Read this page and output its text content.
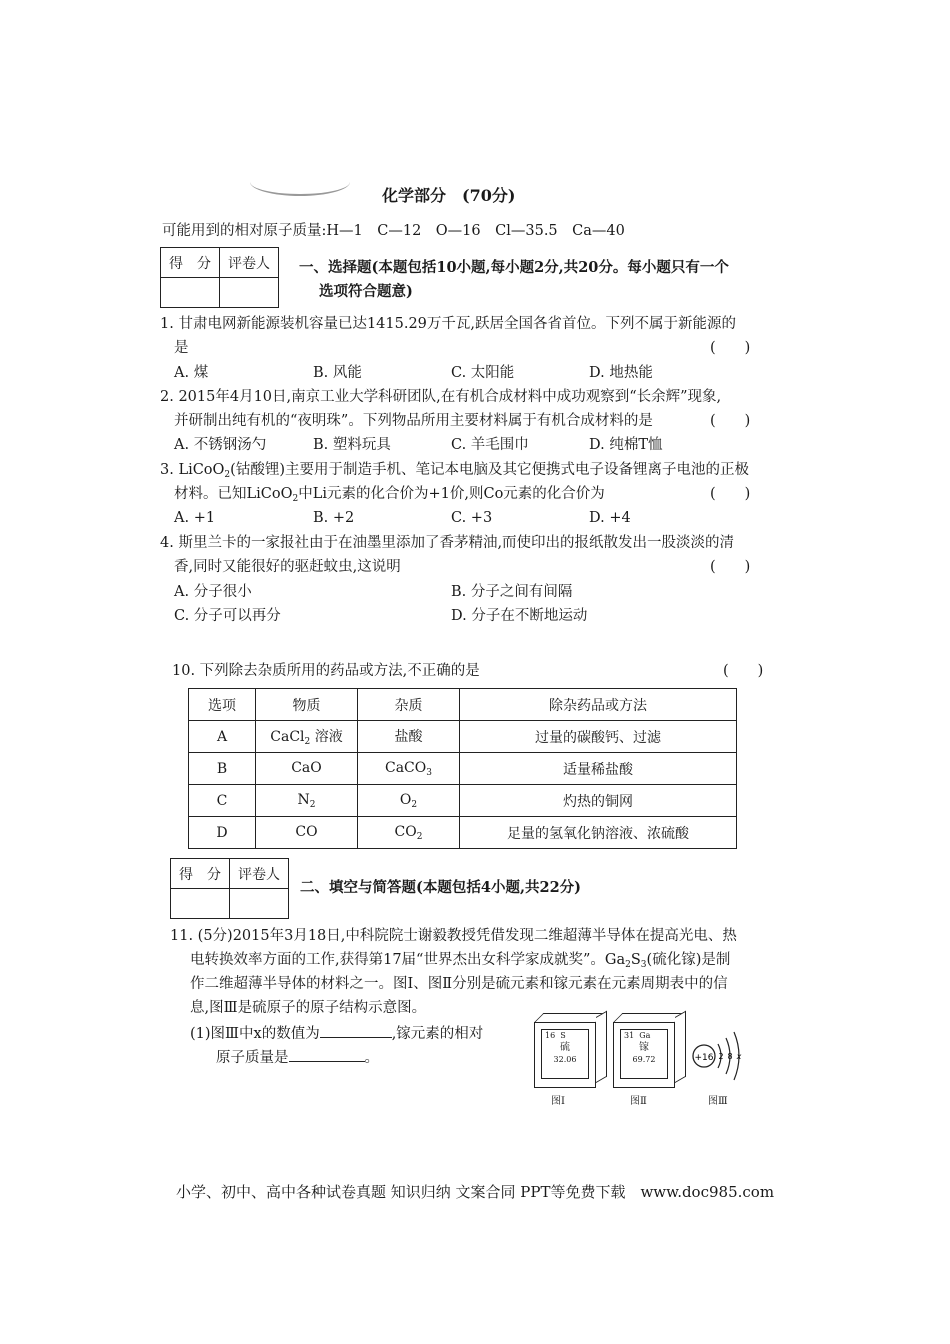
化学部分　(70分)
可能用到的相对原子质量:H—1　C—12　O—16　Cl—35.5　Ca—40
得　分	评卷人
	一、选择题(本题包括10小题,每小题2分,共20分。每小题只有一个
选项符合题意)
1. 甘肃电网新能源装机容量已达1415.29万千瓦,跃居全国各省首位。下列不属于新能源的
是	(　　)
A. 煤	B. 风能	C. 太阳能	D. 地热能
2. 2015年4月10日,南京工业大学科研团队,在有机合成材料中成功观察到“长余辉”现象,
并研制出纯有机的“夜明珠”。下列物品所用主要材料属于有机合成材料的是	(　　)
A. 不锈钢汤勺	B. 塑料玩具	C. 羊毛围巾	D. 纯棉T恤
3. LiCoO$_2$(钴酸锂)主要用于制造手机、笔记本电脑及其它便携式电子设备锂离子电池的正极
材料。已知LiCoO$_2$中Li元素的化合价为+1价,则Co元素的化合价为	(　　)
A. +1	B. +2	C. +3	D. +4
4. 斯里兰卡的一家报社由于在油墨里添加了香茅精油,而使印出的报纸散发出一股淡淡的清
香,同时又能很好的驱赶蚊虫,这说明	(　　)
A. 分子很小	B. 分子之间有间隔
C. 分子可以再分	D. 分子在不断地运动
10. 下列除去杂质所用的药品或方法,不正确的是	(　　)
选项	物质	杂质	除杂药品或方法
A	CaCl$_2$ 溶液	盐酸	过量的碳酸钙、过滤
B	CaO	CaCO$_3$	适量稀盐酸
C	$N_2$	$O_2$	灼热的铜网
D	CO	$CO_2$	足量的氢氧化钠溶液、浓硫酸
得　分	评卷人

二、填空与简答题(本题包括4小题,共22分)
11. (5分)2015年3月18日,中科院院士谢毅教授凭借发现二维超薄半导体在提高光电、热
电转换效率方面的工作,获得第17届“世界杰出女科学家成就奖”。$Ga_2S_3$(硫化镓)是制
作二维超薄半导体的材料之一。图Ⅰ、图Ⅱ分别是硫元素和镓元素在元素周期表中的信
息,图Ⅲ是硫原子的原子结构示意图。
(1)图Ⅲ中x的数值为	,镓元素的相对
原子质量是	。
16 S
硫
32.06
图Ⅰ
31 Ga
镓
69.72
图Ⅱ
+16 2 8 x
图Ⅲ
小学、初中、高中各种试卷真题 知识归纳 文案合同 PPT等免费下载　www.doc985.com
